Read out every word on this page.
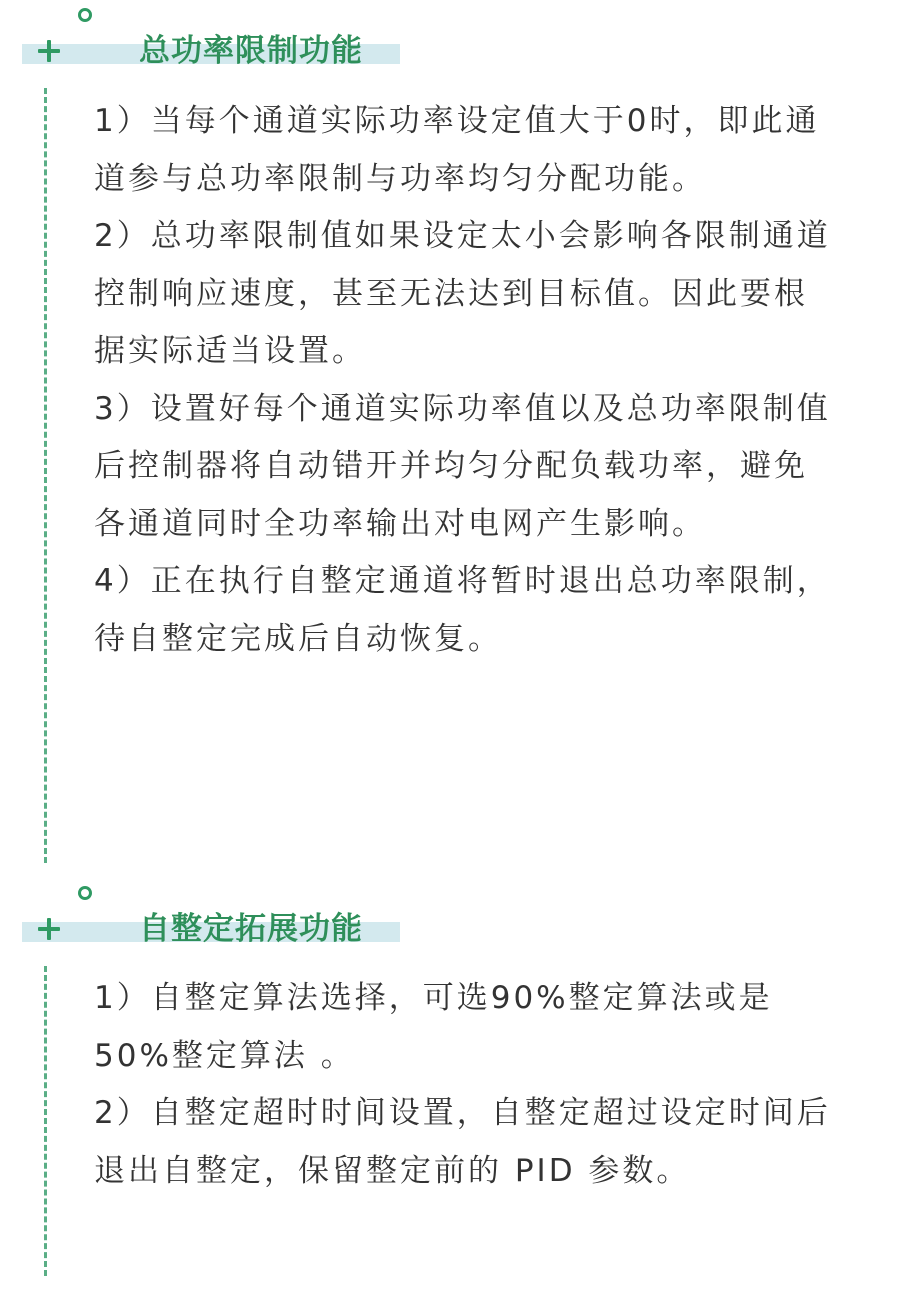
总功率限制功能

1）当每个通道实际功率设定值大于0时，即此通道参与总功率限制与功率均匀分配功能。

2）总功率限制值如果设定太小会影响各限制通道控制响应速度，甚至无法达到目标值。因此要根据实际适当设置。

3）设置好每个通道实际功率值以及总功率限制值后控制器将自动错开并均匀分配负载功率，避免各通道同时全功率输出对电网产生影响。

4）正在执行自整定通道将暂时退出总功率限制，待自整定完成后自动恢复。

自整定拓展功能

1）自整定算法选择，可选90%整定算法或是50%整定算法 。

2）自整定超时时间设置，自整定超过设定时间后退出自整定，保留整定前的 PID 参数。
